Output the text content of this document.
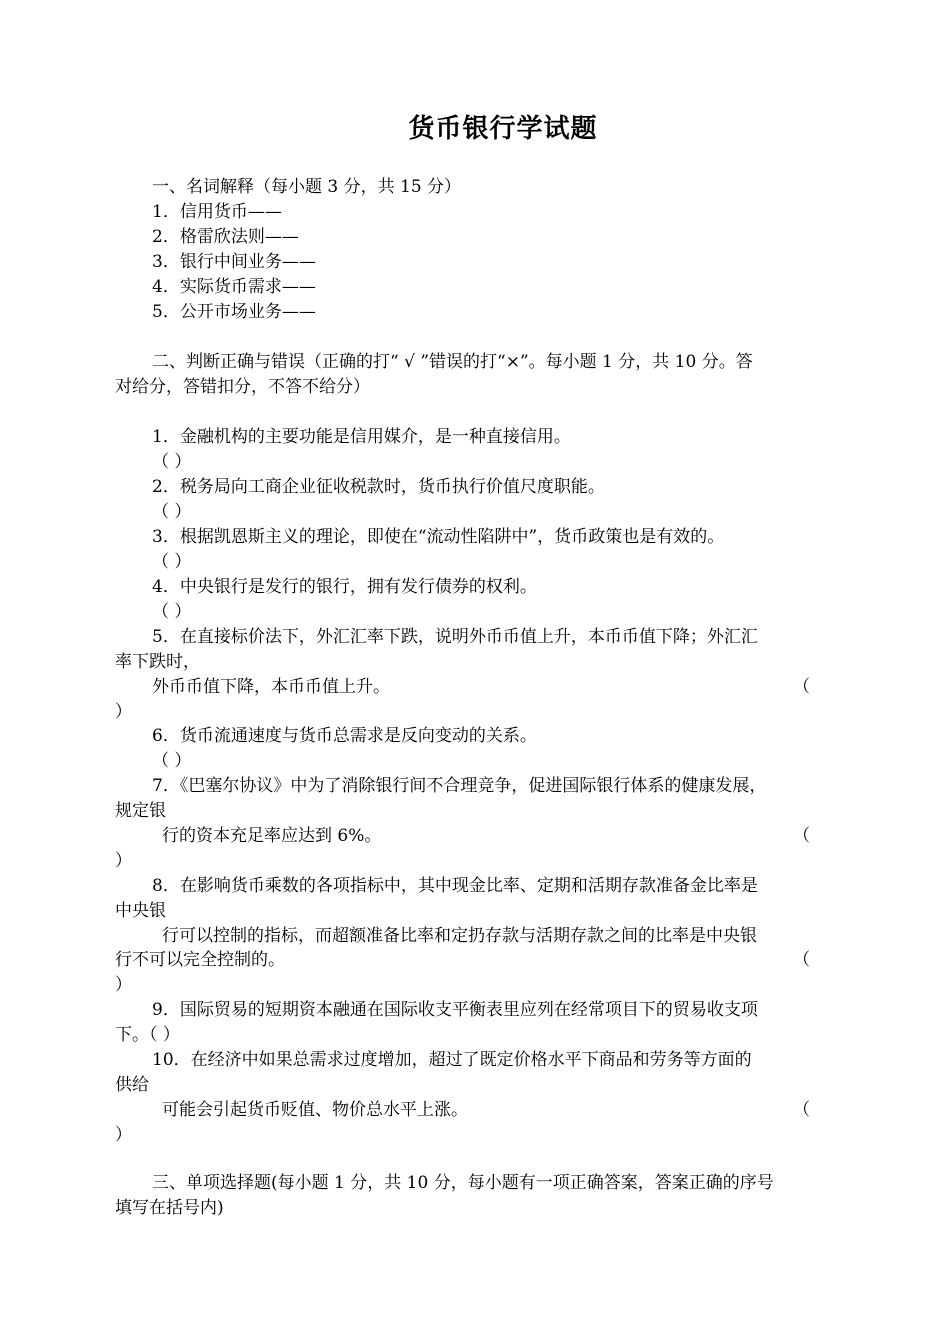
货币银行学试题
一、名词解释（每小题 3 分，共 15 分）
1．信用货币——
2．格雷欣法则——
3．银行中间业务——
4．实际货币需求——
5．公开市场业务——
二、判断正确与错误（正确的打“ √ ”错误的打“×”。每小题 1 分，共 10 分。答
对给分，答错扣分，不答不给分）
1．金融机构的主要功能是信用媒介，是一种直接信用。
（ ）
2．税务局向工商企业征收税款时，货币执行价值尺度职能。
（ ）
3．根据凯恩斯主义的理论，即使在“流动性陷阱中”，货币政策也是有效的。
（ ）
4．中央银行是发行的银行，拥有发行债券的权利。
（ ）
5．在直接标价法下，外汇汇率下跌，说明外币币值上升，本币币值下降；外汇汇
率下跌时，
外币币值下降，本币币值上升。	（
）
6．货币流通速度与货币总需求是反向变动的关系。
（ ）
7．《巴塞尔协议》中为了消除银行间不合理竞争，促进国际银行体系的健康发展，
规定银
行的资本充足率应达到 6%。	（
）
8．在影响货币乘数的各项指标中，其中现金比率、定期和活期存款准备金比率是
中央银
行可以控制的指标，而超额准备比率和定扔存款与活期存款之间的比率是中央银
行不可以完全控制的。	（
）
9．国际贸易的短期资本融通在国际收支平衡表里应列在经常项目下的贸易收支项
下。（ ）
10．在经济中如果总需求过度增加，超过了既定价格水平下商品和劳务等方面的
供给
可能会引起货币贬值、物价总水平上涨。	（
）
三、单项选择题(每小题 1 分，共 10 分，每小题有一项正确答案，答案正确的序号
填写在括号内)
